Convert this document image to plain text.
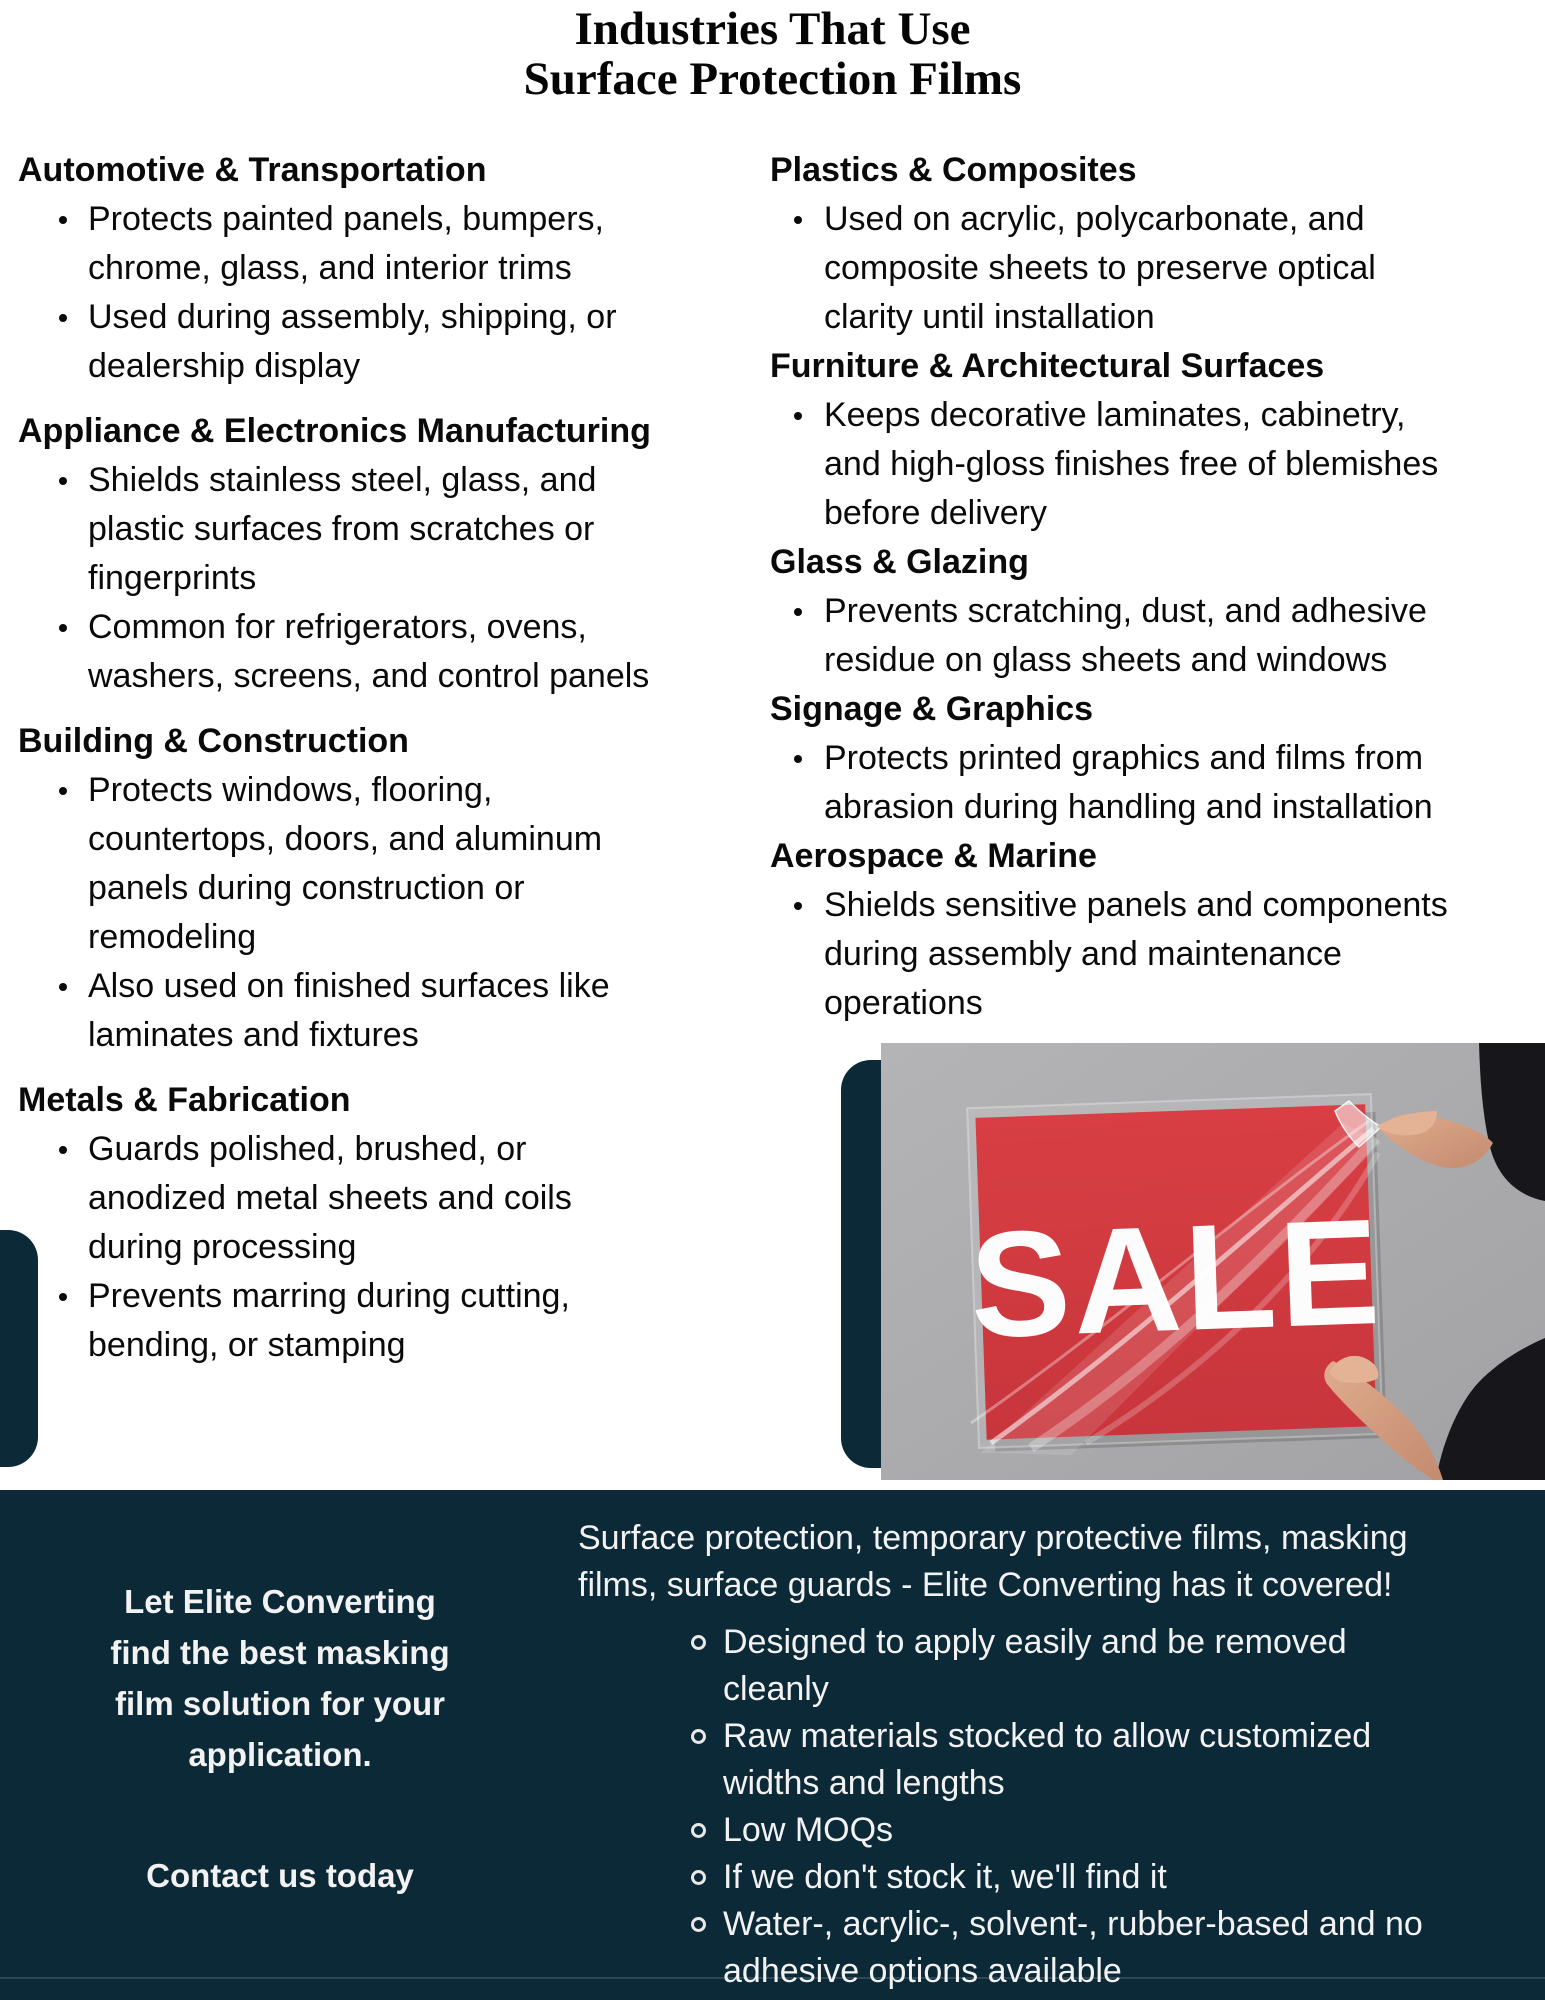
Industries That Use
Surface Protection Films
Automotive & Transportation
Protects painted panels, bumpers,
chrome, glass, and interior trims
Used during assembly, shipping, or
dealership display
Appliance & Electronics Manufacturing
Shields stainless steel, glass, and
plastic surfaces from scratches or
fingerprints
Common for refrigerators, ovens,
washers, screens, and control panels
Building & Construction
Protects windows, flooring,
countertops, doors, and aluminum
panels during construction or
remodeling
Also used on finished surfaces like
laminates and fixtures
Metals & Fabrication
Guards polished, brushed, or
anodized metal sheets and coils
during processing
Prevents marring during cutting,
bending, or stamping
Plastics & Composites
Used on acrylic, polycarbonate, and
composite sheets to preserve optical
clarity until installation
Furniture & Architectural Surfaces
Keeps decorative laminates, cabinetry,
and high-gloss finishes free of blemishes
before delivery
Glass & Glazing
Prevents scratching, dust, and adhesive
residue on glass sheets and windows
Signage & Graphics
Protects printed graphics and films from
abrasion during handling and installation
Aerospace & Marine
Shields sensitive panels and components
during assembly and maintenance
operations
Let Elite Converting
find the best masking
film solution for your
application.
Contact us today
Surface protection, temporary protective films, masking
films, surface guards - Elite Converting has it covered!
Designed to apply easily and be removed
cleanly
Raw materials stocked to allow customized
widths and lengths
Low MOQs
If we don't stock it, we'll find it
Water-, acrylic-, solvent-, rubber-based and no
adhesive options available
